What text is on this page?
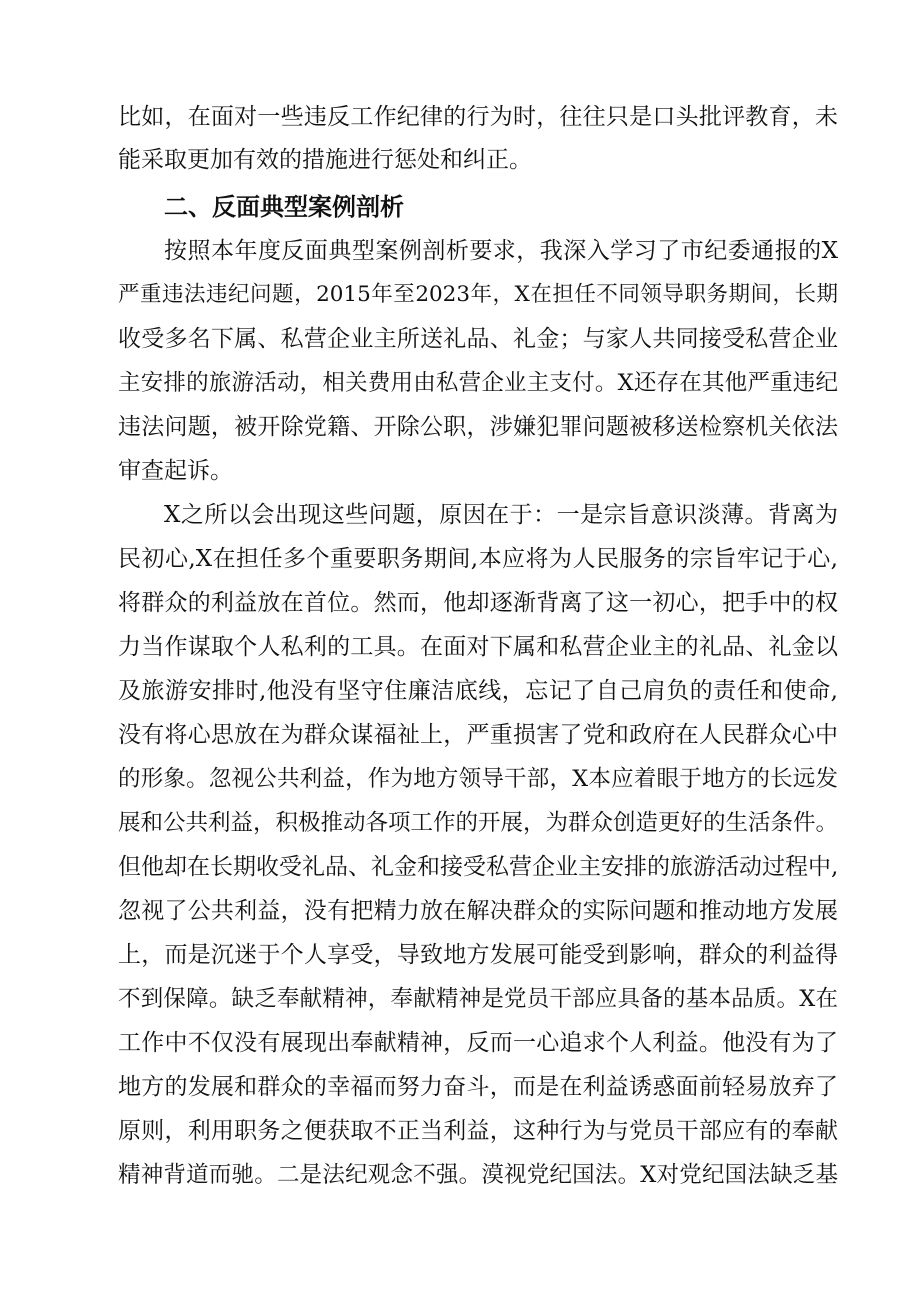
比如，在面对一些违反工作纪律的行为时，往往只是口头批评教育，未
能采取更加有效的措施进行惩处和纠正。
二、反面典型案例剖析
按照本年度反面典型案例剖析要求，我深入学习了市纪委通报的X
严重违法违纪问题，2015年至2023年，X在担任不同领导职务期间，长期
收受多名下属、私营企业主所送礼品、礼金；与家人共同接受私营企业
主安排的旅游活动，相关费用由私营企业主支付。X还存在其他严重违纪
违法问题，被开除党籍、开除公职，涉嫌犯罪问题被移送检察机关依法
审查起诉。
X之所以会出现这些问题，原因在于：一是宗旨意识淡薄。背离为
民初心,X在担任多个重要职务期间,本应将为人民服务的宗旨牢记于心,
将群众的利益放在首位。然而，他却逐渐背离了这一初心，把手中的权
力当作谋取个人私利的工具。在面对下属和私营企业主的礼品、礼金以
及旅游安排时,他没有坚守住廉洁底线，忘记了自己肩负的责任和使命,
没有将心思放在为群众谋福祉上，严重损害了党和政府在人民群众心中
的形象。忽视公共利益，作为地方领导干部，X本应着眼于地方的长远发
展和公共利益，积极推动各项工作的开展，为群众创造更好的生活条件。
但他却在长期收受礼品、礼金和接受私营企业主安排的旅游活动过程中,
忽视了公共利益，没有把精力放在解决群众的实际问题和推动地方发展
上，而是沉迷于个人享受，导致地方发展可能受到影响，群众的利益得
不到保障。缺乏奉献精神，奉献精神是党员干部应具备的基本品质。X在
工作中不仅没有展现出奉献精神，反而一心追求个人利益。他没有为了
地方的发展和群众的幸福而努力奋斗，而是在利益诱惑面前轻易放弃了
原则，利用职务之便获取不正当利益，这种行为与党员干部应有的奉献
精神背道而驰。二是法纪观念不强。漠视党纪国法。X对党纪国法缺乏基
